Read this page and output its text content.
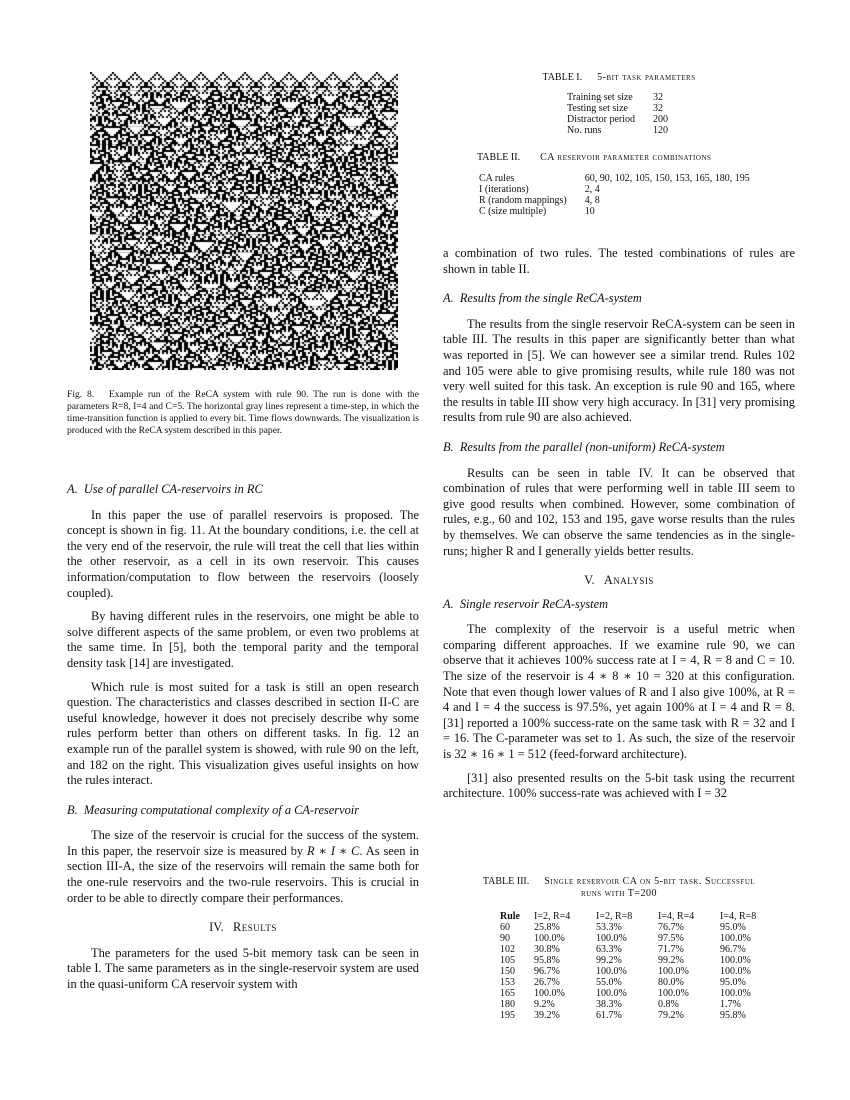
Fig. 8.   Example run of the ReCA system with rule 90. The run is done with the parameters R=8, I=4 and C=5. The horizontal gray lines represent a time-step, in which the time-transition function is applied to every bit. Time flows downwards. The visualization is produced with the ReCA system described in this paper.
A.  Use of parallel CA-reservoirs in RC

In this paper the use of parallel reservoirs is proposed. The concept is shown in fig. 11. At the boundary conditions, i.e. the cell at the very end of the reservoir, the rule will treat the cell that lies within the other reservoir, as a cell in its own reservoir. This causes information/computation to flow between the reservoirs (loosely coupled).

By having different rules in the reservoirs, one might be able to solve different aspects of the same problem, or even two problems at the same time. In [5], both the temporal parity and the temporal density task [14] are investigated.

Which rule is most suited for a task is still an open research question. The characteristics and classes described in section II-C are useful knowledge, however it does not precisely describe why some rules perform better than others on different tasks. In fig. 12 an example run of the parallel system is showed, with rule 90 on the left, and 182 on the right. This visualization gives useful insights on how the rules interact.

B.  Measuring computational complexity of a CA-reservoir

The size of the reservoir is crucial for the success of the system. In this paper, the reservoir size is measured by R ∗ I ∗ C. As seen in section III-A, the size of the reservoirs will remain the same both for the one-rule reservoirs and the two-rule reservoirs. This is crucial in order to be able to directly compare their performances.

IV. Results

The parameters for the used 5-bit memory task can be seen in table I. The same parameters as in the single-reservoir system are used in the quasi-uniform CA reservoir system with

TABLE I. 5-bit task parameters
Training set size	32
Testing set size	32
Distractor period	200
No. runs	120
TABLE II. CA reservoir parameter combinations
CA rules	60, 90, 102, 105, 150, 153, 165, 180, 195
I (iterations)	2, 4
R (random mappings)	4, 8
C (size multiple)	10

a combination of two rules. The tested combinations of rules are shown in table II.

A.  Results from the single ReCA-system

The results from the single reservoir ReCA-system can be seen in table III. The results in this paper are significantly better than what was reported in [5]. We can however see a similar trend. Rules 102 and 105 were able to give promising results, while rule 180 was not very well suited for this task. An exception is rule 90 and 165, where the results in table III show very high accuracy. In [31] very promising results from rule 90 are also achieved.

B.  Results from the parallel (non-uniform) ReCA-system

Results can be seen in table IV. It can be observed that combination of rules that were performing well in table III seem to give good results when combined. However, some combination of rules, e.g., 60 and 102, 153 and 195, gave worse results than the rules by themselves. We can observe the same tendencies as in the single-runs; higher R and I generally yields better results.

V. Analysis
A.  Single reservoir ReCA-system

The complexity of the reservoir is a useful metric when comparing different approaches. If we examine rule 90, we can observe that it achieves 100% success rate at I = 4, R = 8 and C = 10. The size of the reservoir is 4 ∗ 8 ∗ 10 = 320 at this configuration. Note that even though lower values of R and I also give 100%, at R = 4 and I = 4 the success is 97.5%, yet again 100% at I = 4 and R = 8. [31] reported a 100% success-rate on the same task with R = 32 and I = 16. The C-parameter was set to 1. As such, the size of the reservoir is 32 ∗ 16 ∗ 1 = 512 (feed-forward architecture).

[31] also presented results on the 5-bit task using the recurrent architecture. 100% success-rate was achieved with I = 32

TABLE III. Single reservoir CA on 5-bit task. Successful
runs with T=200
Rule	I=2, R=4	I=2, R=8	I=4, R=4	I=4, R=8
60	25.8%	53.3%	76.7%	95.0%
90	100.0%	100.0%	97.5%	100.0%
102	30.8%	63.3%	71.7%	96.7%
105	95.8%	99.2%	99.2%	100.0%
150	96.7%	100.0%	100.0%	100.0%
153	26.7%	55.0%	80.0%	95.0%
165	100.0%	100.0%	100.0%	100.0%
180	9.2%	38.3%	0.8%	1.7%
195	39.2%	61.7%	79.2%	95.8%
